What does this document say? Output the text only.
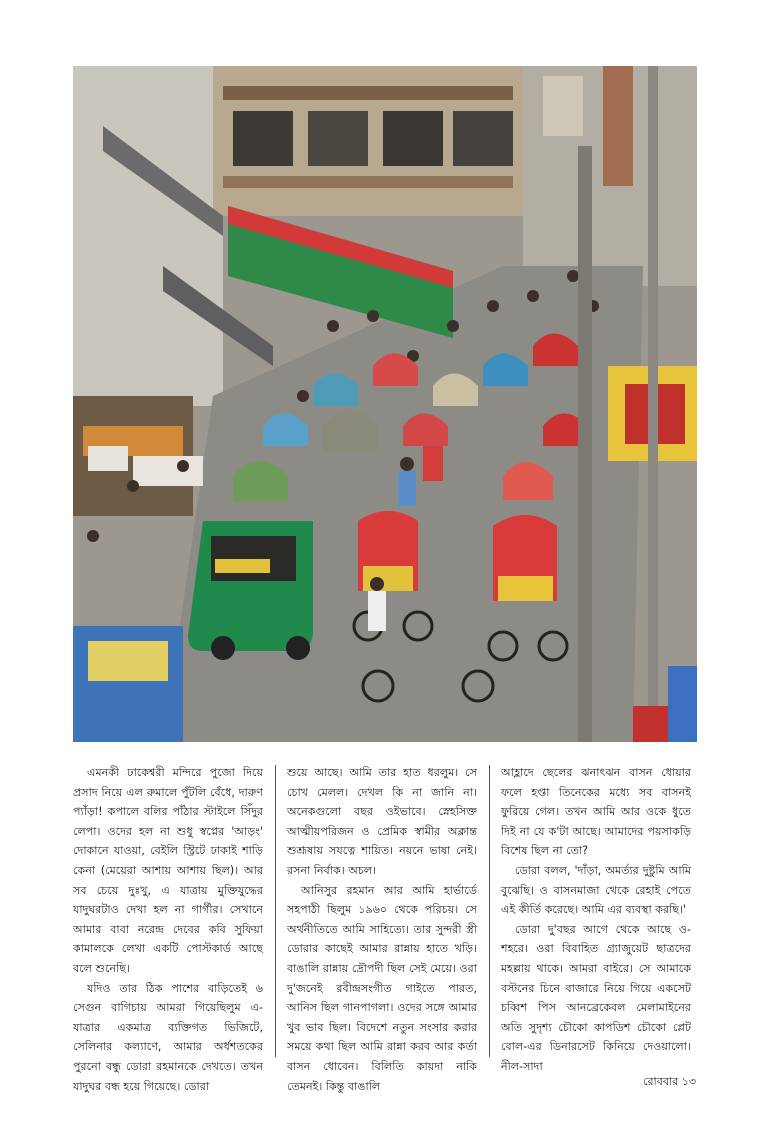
এমনকী ঢাকেশ্বরী মন্দিরে পুজো দিয়ে প্রসাদ নিয়ে এল রুমালে পুঁটলি বেঁধে, দারুণ প্যাঁড়া! কপালে বলির পাঁঠার স্টাইলে সিঁদুর লেপা। ওদের হল না শুধু স্বপ্নের 'আড়ং' দোকানে যাওয়া, বেইলি স্ট্রিটে ঢাকাই শাড়ি কেনা (মেয়েরা আশায় আশায় ছিল)। আর সব চেয়ে দুঃখু, এ যাত্রায় মুক্তিযুদ্ধের যাদুঘরটাও দেখা হল না গার্গীর। সেখানে আমার বাবা নরেন্দ্র দেবের কবি সুফিয়া কামালকে লেখা একটি পোস্টকার্ড আছে বলে শুনেছি।

যদিও তার ঠিক পাশের বাড়িতেই ৬ সেগুন বাগিচায় আমরা গিয়েছিলুম এ-যাত্রার একমাত্র ব্যক্তিগত ভিজিটে, সেলিনার কল্যাণে, আমার অর্ধশতকের পুরনো বন্ধু ডোরা রহমানকে দেখতে। তখন যাদুঘর বন্ধ হয়ে গিয়েছে। ডোরা

শুয়ে আছে। আমি তার হাত ধরলুম। সে চোখ মেলল। দেখল কি না জানি না। অনেকগুলো বছর ওইভাবে। স্নেহসিক্ত আত্মীয়পরিজন ও প্রেমিক স্বামীর অক্লান্ত শুশ্রূষায় সযত্নে শায়িত। নয়নে ভাষা নেই। রসনা নির্বাক। অচল।

আনিসুর রহমান আর আমি হার্ভার্ডে সহপাঠী ছিলুম ১৯৬০ থেকে পরিচয়। সে অর্থনীতিতে আমি সাহিত্যে। তার সুন্দরী স্ত্রী ডোরার কাছেই আমার রান্নায় হাতে খড়ি। বাঙালি রান্নায় দ্রৌপদী ছিল সেই মেয়ে। ওরা দু'জনেই রবীন্দ্রসংগীত গাইতে পারত, আনিস ছিল গানপাগলা। ওদের সঙ্গে আমার খুব ভাব ছিল। বিদেশে নতুন সংসার করার সময়ে কথা ছিল আমি রান্না করব আর কর্তা বাসন ধোবেন। বিলিতি কায়দা নাকি তেমনই। কিন্তু বাঙালি

আহ্লাদে ছেলের ঝনাৎঝন বাসন ধোয়ার ফলে হপ্তা তিনেকের মধ্যে সব বাসনই ফুরিয়ে গেল। তখন আমি আর ওকে ধুতে দিই না যে ক'টা আছে। আমাদের পয়সাকড়ি বিশেষ ছিল না তো?

ডোরা বলল, 'দাঁড়া, অমর্ত্যর দুষ্টুমি আমি বুঝেছি। ও বাসনমাজা থেকে রেহাই পেতে এই কীর্তি করেছে। আমি এর ব্যবস্থা করছি।'

ডোরা দু'বছর আগে থেকে আছে ও-শহরে। ওরা বিবাহিত গ্র্যাজুয়েট ছাত্রদের মহল্লায় থাকে। আমরা বাইরে। সে আমাকে বস্টনের চিনে বাজারে নিয়ে গিয়ে একসেট চব্বিশ পিস আনব্রেকেবল মেলামাইনের অতি সুদৃশ্য চৌকো কাপডিশ চৌকো প্লেট বোল-এর ডিনারসেট কিনিয়ে দেওয়ালো। নীল-সাদা

রোববার ১৩
